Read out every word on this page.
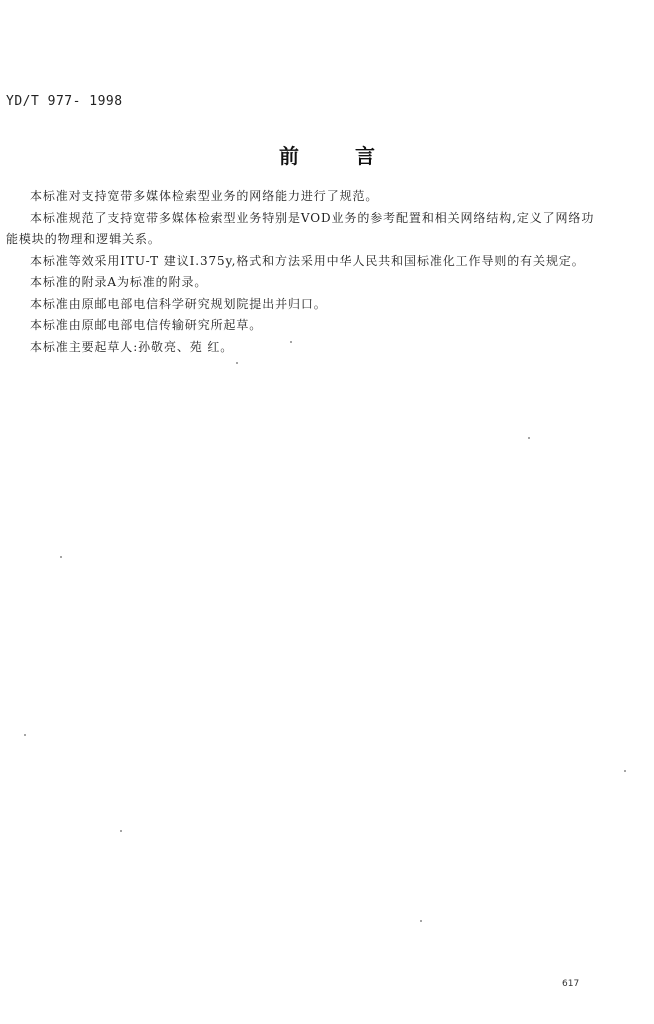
YD/T 977- 1998
前	言

本标准对支持宽带多媒体检索型业务的网络能力进行了规范。

本标准规范了支持宽带多媒体检索型业务特别是VOD业务的参考配置和相关网络结构,定义了网络功能模块的物理和逻辑关系。

本标准等效采用ITU-T 建议I.375y,格式和方法采用中华人民共和国标准化工作导则的有关规定。

本标准的附录A为标准的附录。

本标准由原邮电部电信科学研究规划院提出并归口。

本标准由原邮电部电信传输研究所起草。

本标准主要起草人:孙敬亮、苑 红。

617
